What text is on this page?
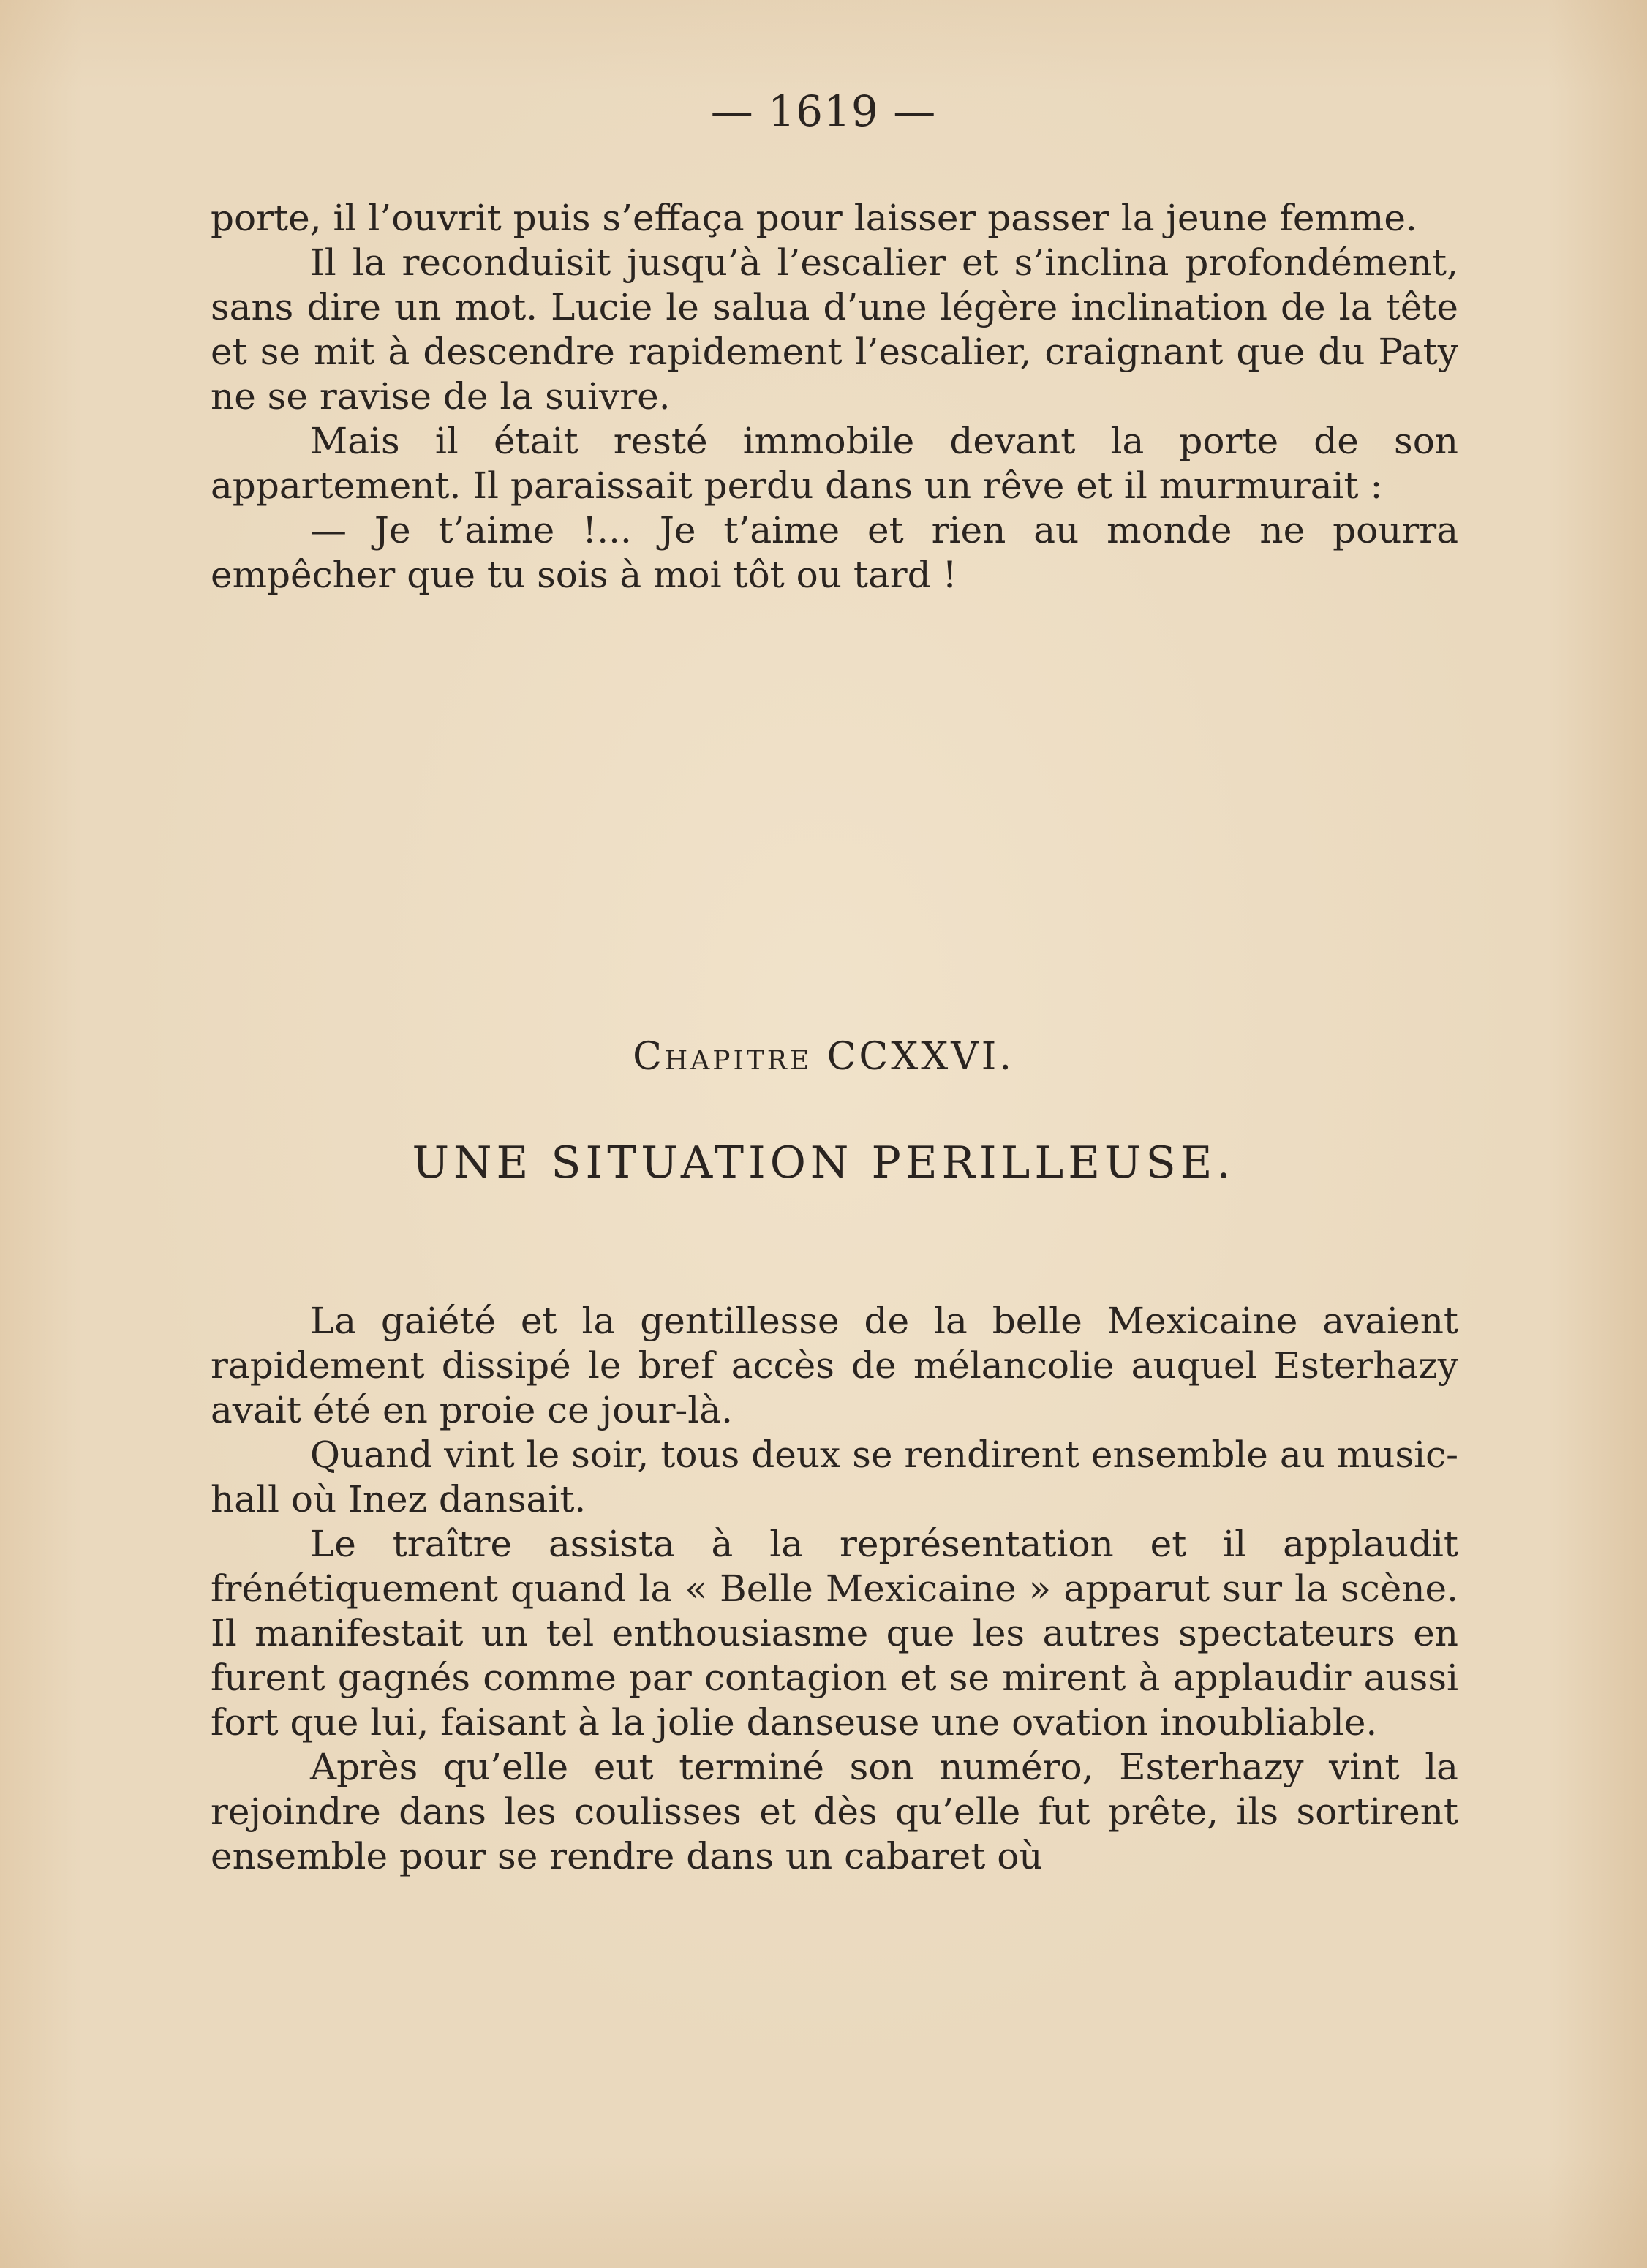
— 1619 —

porte, il l’ouvrit puis s’effaça pour laisser passer la jeune femme.

Il la reconduisit jusqu’à l’escalier et s’inclina profondément, sans dire un mot. Lucie le salua d’une légère inclination de la tête et se mit à descendre rapidement l’escalier, craignant que du Paty ne se ravise de la suivre.

Mais il était resté immobile devant la porte de son appartement. Il paraissait perdu dans un rêve et il murmurait :

— Je t’aime !... Je t’aime et rien au monde ne pourra empêcher que tu sois à moi tôt ou tard !

Chapitre CCXXVI.
UNE SITUATION PERILLEUSE.

La gaiété et la gentillesse de la belle Mexicaine avaient rapidement dissipé le bref accès de mélancolie auquel Esterhazy avait été en proie ce jour-là.

Quand vint le soir, tous deux se rendirent ensemble au music-hall où Inez dansait.

Le traître assista à la représentation et il applaudit frénétiquement quand la « Belle Mexicaine » apparut sur la scène. Il manifestait un tel enthousiasme que les autres spectateurs en furent gagnés comme par contagion et se mirent à applaudir aussi fort que lui, faisant à la jolie danseuse une ovation inoubliable.

Après qu’elle eut terminé son numéro, Esterhazy vint la rejoindre dans les coulisses et dès qu’elle fut prête, ils sortirent ensemble pour se rendre dans un cabaret où
